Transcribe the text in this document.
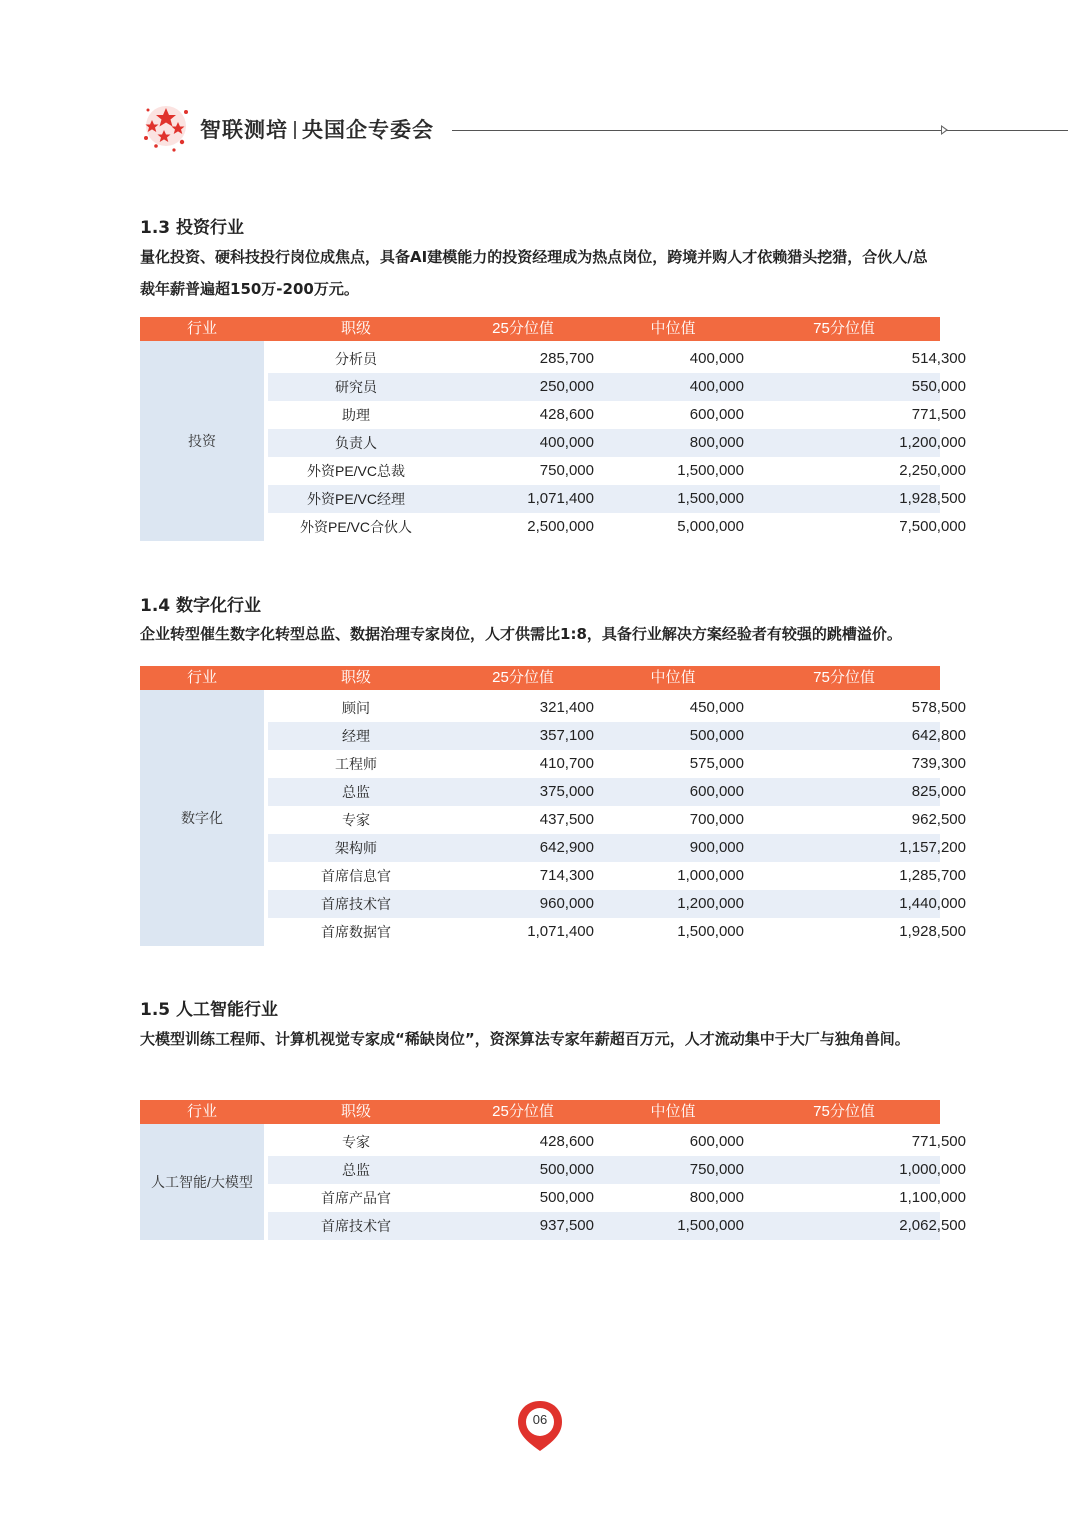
智联测培 央国企专委会
1.3 投资行业
量化投资、硬科技投行岗位成焦点，具备AI建模能力的投资经理成为热点岗位，跨境并购人才依赖猎头挖猎，合伙人/总裁年薪普遍超150万-200万元。
行业	职级	25分位值	中位值	75分位值
投资
分析员	285,700	400,000	514,300
研究员	250,000	400,000	550,000
助理	428,600	600,000	771,500
负责人	400,000	800,000	1,200,000
外资PE/VC总裁	750,000	1,500,000	2,250,000
外资PE/VC经理	1,071,400	1,500,000	1,928,500
外资PE/VC合伙人	2,500,000	5,000,000	7,500,000
1.4 数字化行业
企业转型催生数字化转型总监、数据治理专家岗位，人才供需比1:8，具备行业解决方案经验者有较强的跳槽溢价。
行业	职级	25分位值	中位值	75分位值
数字化
顾问	321,400	450,000	578,500
经理	357,100	500,000	642,800
工程师	410,700	575,000	739,300
总监	375,000	600,000	825,000
专家	437,500	700,000	962,500
架构师	642,900	900,000	1,157,200
首席信息官	714,300	1,000,000	1,285,700
首席技术官	960,000	1,200,000	1,440,000
首席数据官	1,071,400	1,500,000	1,928,500
1.5 人工智能行业
大模型训练工程师、计算机视觉专家成“稀缺岗位”，资深算法专家年薪超百万元，人才流动集中于大厂与独角兽间。
行业	职级	25分位值	中位值	75分位值
人工智能/大模型
专家	428,600	600,000	771,500
总监	500,000	750,000	1,000,000
首席产品官	500,000	800,000	1,100,000
首席技术官	937,500	1,500,000	2,062,500
06
